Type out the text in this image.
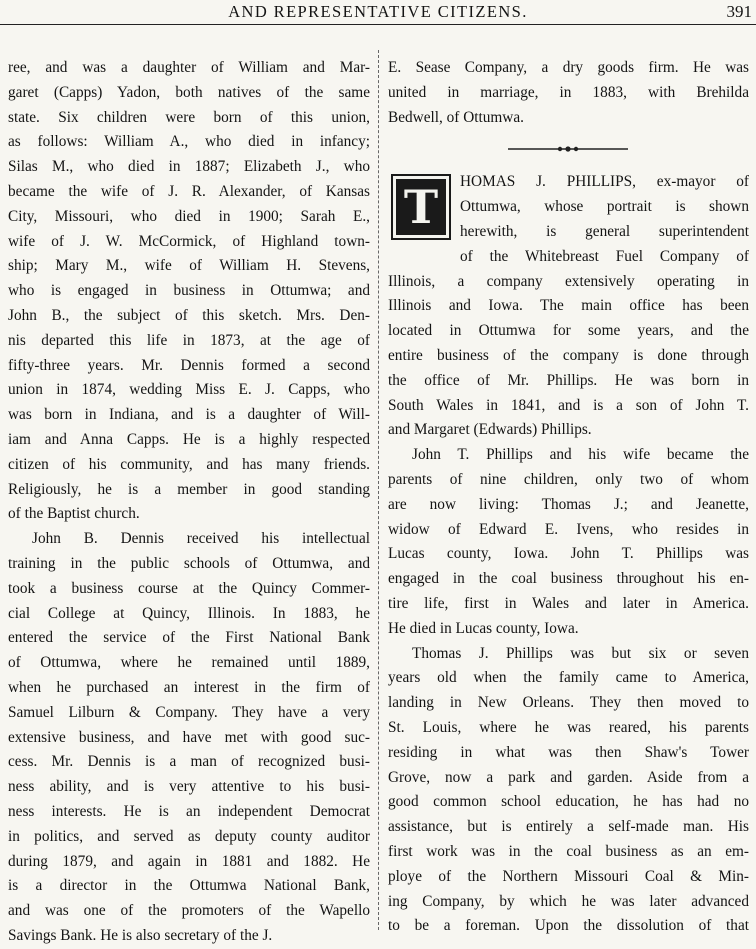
AND REPRESENTATIVE CITIZENS.	391
ree, and was a daughter of William and Mar-
garet (Capps) Yadon, both natives of the same
state. Six children were born of this union,
as follows: William A., who died in infancy;
Silas M., who died in 1887; Elizabeth J., who
became the wife of J. R. Alexander, of Kansas
City, Missouri, who died in 1900; Sarah E.,
wife of J. W. McCormick, of Highland town-
ship; Mary M., wife of William H. Stevens,
who is engaged in business in Ottumwa; and
John B., the subject of this sketch. Mrs. Den-
nis departed this life in 1873, at the age of
fifty-three years. Mr. Dennis formed a second
union in 1874, wedding Miss E. J. Capps, who
was born in Indiana, and is a daughter of Will-
iam and Anna Capps. He is a highly respected
citizen of his community, and has many friends.
Religiously, he is a member in good standing
of the Baptist church.
John B. Dennis received his intellectual
training in the public schools of Ottumwa, and
took a business course at the Quincy Commer-
cial College at Quincy, Illinois. In 1883, he
entered the service of the First National Bank
of Ottumwa, where he remained until 1889,
when he purchased an interest in the firm of
Samuel Lilburn & Company. They have a very
extensive business, and have met with good suc-
cess. Mr. Dennis is a man of recognized busi-
ness ability, and is very attentive to his busi-
ness interests. He is an independent Democrat
in politics, and served as deputy county auditor
during 1879, and again in 1881 and 1882. He
is a director in the Ottumwa National Bank,
and was one of the promoters of the Wapello
Savings Bank. He is also secretary of the J.
E. Sease Company, a dry goods firm. He was
united in marriage, in 1883, with Brehilda
Bedwell, of Ottumwa.
T	HOMAS J. PHILLIPS, ex-mayor of
Ottumwa, whose portrait is shown
herewith, is general superintendent
of the Whitebreast Fuel Company of
Illinois, a company extensively operating in
Illinois and Iowa. The main office has been
located in Ottumwa for some years, and the
entire business of the company is done through
the office of Mr. Phillips. He was born in
South Wales in 1841, and is a son of John T.
and Margaret (Edwards) Phillips.
John T. Phillips and his wife became the
parents of nine children, only two of whom
are now living: Thomas J.; and Jeanette,
widow of Edward E. Ivens, who resides in
Lucas county, Iowa. John T. Phillips was
engaged in the coal business throughout his en-
tire life, first in Wales and later in America.
He died in Lucas county, Iowa.
Thomas J. Phillips was but six or seven
years old when the family came to America,
landing in New Orleans. They then moved to
St. Louis, where he was reared, his parents
residing in what was then Shaw's Tower
Grove, now a park and garden. Aside from a
good common school education, he has had no
assistance, but is entirely a self-made man. His
first work was in the coal business as an em-
ploye of the Northern Missouri Coal & Min-
ing Company, by which he was later advanced
to be a foreman. Upon the dissolution of that
